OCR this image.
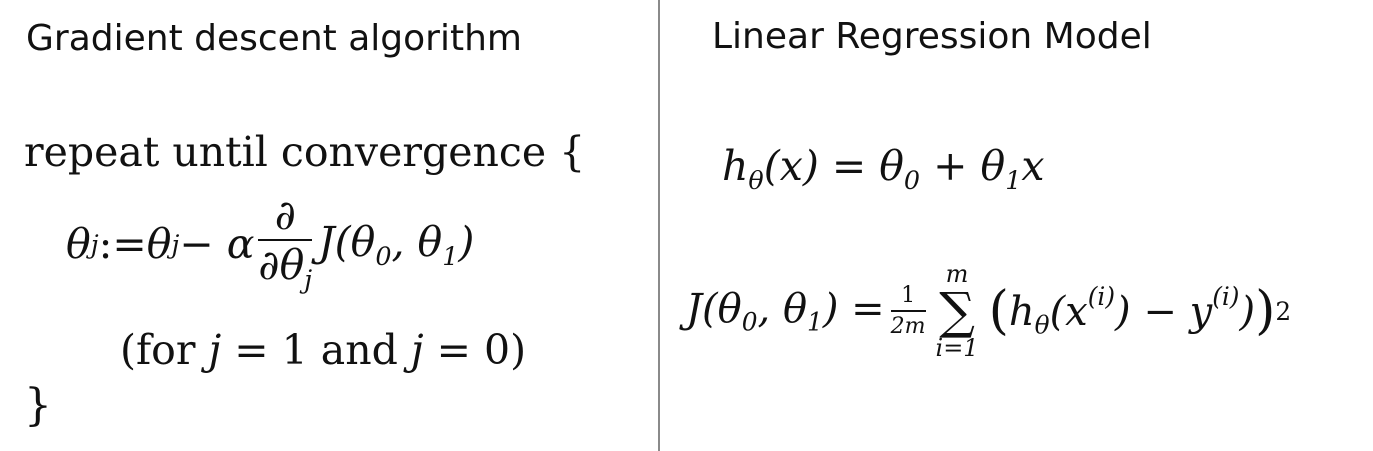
Gradient descent algorithm	Linear Regression Model
repeat until convergence {
θ j := θ j − α $\frac{\partial}{\partial\theta_j} J(\theta_0$, $\theta_1$)
(for j = 1 and j = 0)
}
$h_\theta(x) = \theta_0 + \theta_1x$
$J(\theta_0$, $\theta_1) = \frac{1}{2m}$
m
∑
i=1
( $h_\theta(x^{(i)}) - y^{(i)}$) ) 2
